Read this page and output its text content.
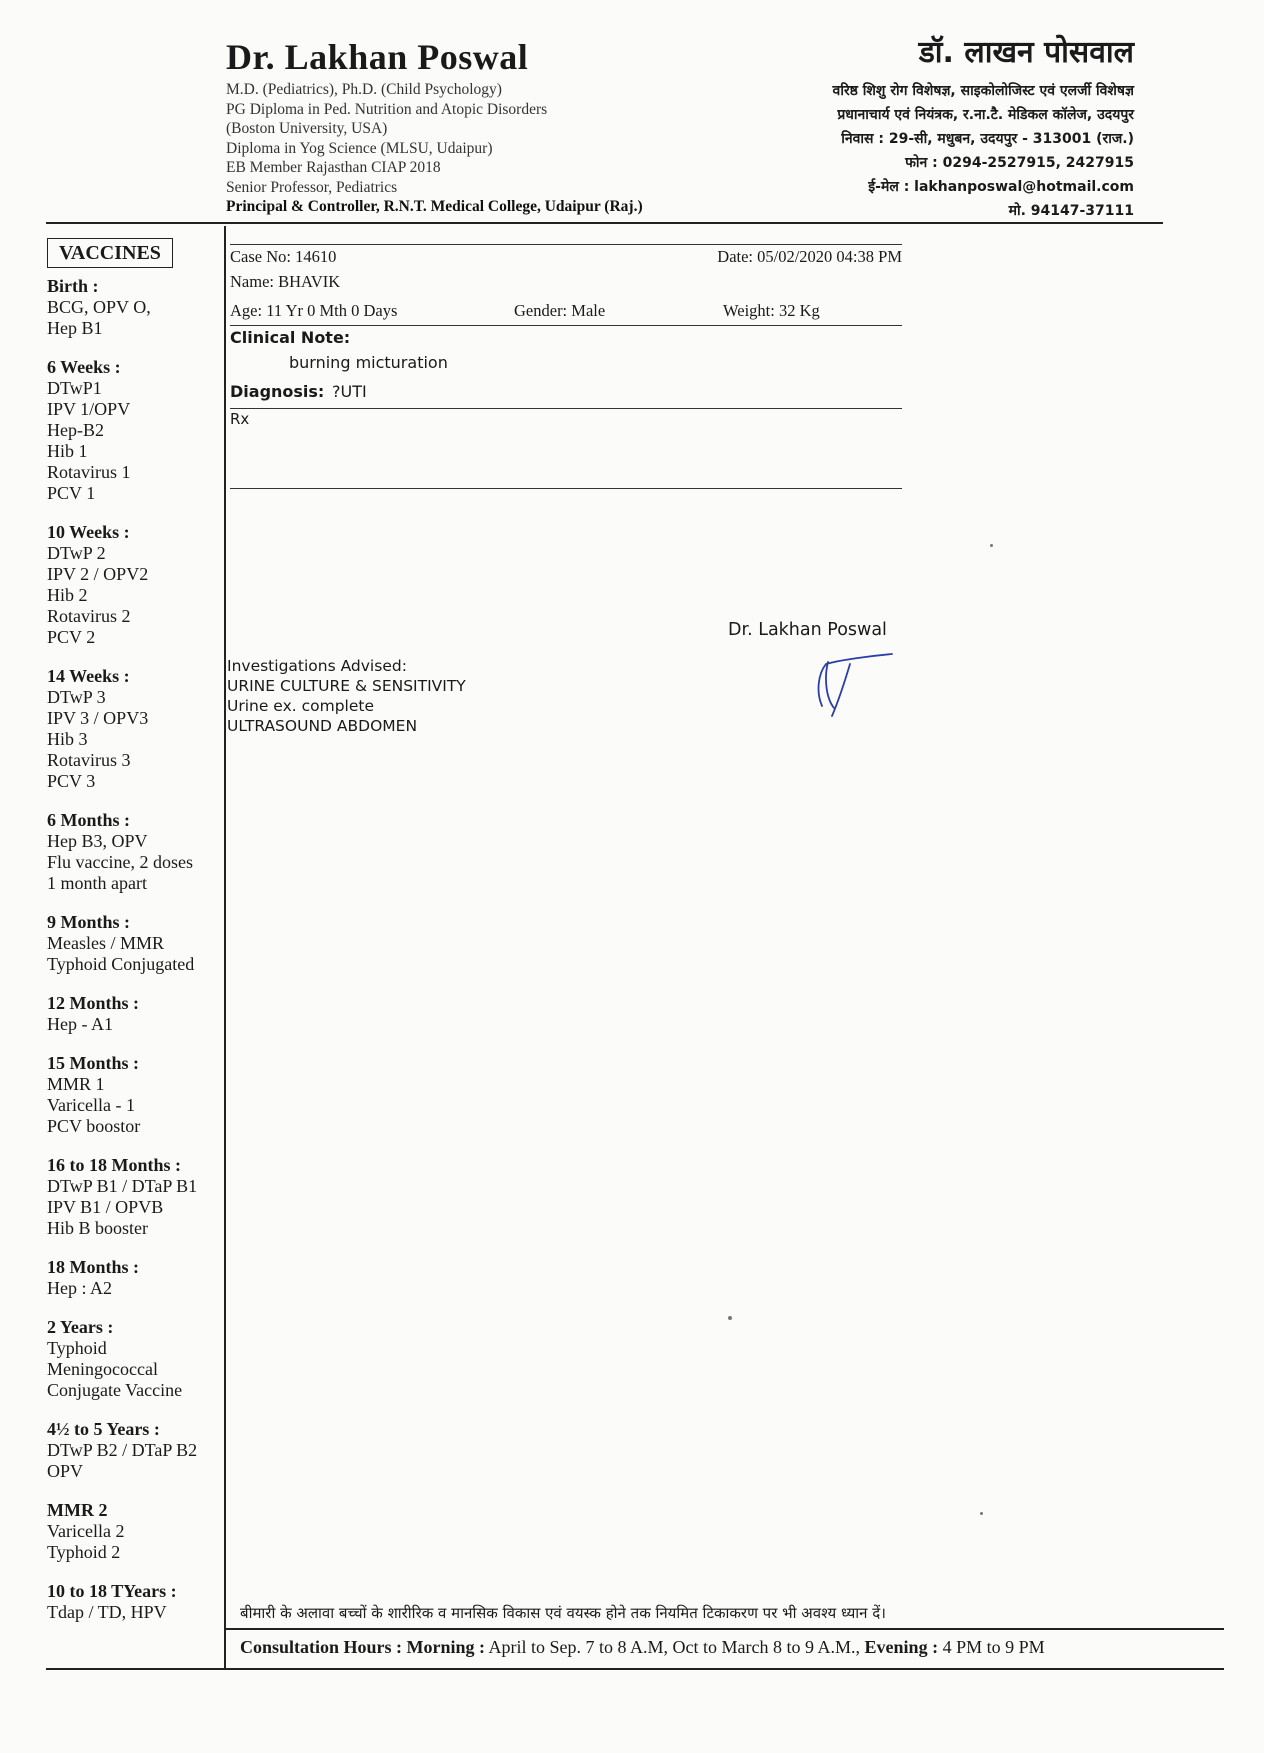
Dr. Lakhan Poswal
M.D. (Pediatrics), Ph.D. (Child Psychology)
PG Diploma in Ped. Nutrition and Atopic Disorders
(Boston University, USA)
Diploma in Yog Science (MLSU, Udaipur)
EB Member Rajasthan CIAP 2018
Senior Professor, Pediatrics
Principal & Controller, R.N.T. Medical College, Udaipur (Raj.)
डॉ. लाखन पोसवाल
वरिष्ठ शिशु रोग विशेषज्ञ, साइकोलोजिस्ट एवं एलर्जी विशेषज्ञ
प्रधानाचार्य एवं नियंत्रक, र.ना.टै. मेडिकल कॉलेज, उदयपुर
निवास : 29-सी, मधुबन, उदयपुर - 313001 (राज.)
फोन : 0294-2527915, 2427915
ई-मेल : lakhanposwal@hotmail.com
मो. 94147-37111
VACCINES
Birth :
BCG, OPV O,
Hep B1
6 Weeks :
DTwP1
IPV 1/OPV
Hep-B2
Hib 1
Rotavirus 1
PCV 1
10 Weeks :
DTwP 2
IPV 2 / OPV2
Hib 2
Rotavirus 2
PCV 2
14 Weeks :
DTwP 3
IPV 3 / OPV3
Hib 3
Rotavirus 3
PCV 3
6 Months :
Hep B3, OPV
Flu vaccine, 2 doses
1 month apart
9 Months :
Measles / MMR
Typhoid Conjugated
12 Months :
Hep - A1
15 Months :
MMR 1
Varicella - 1
PCV boostor
16 to 18 Months :
DTwP B1 / DTaP B1
IPV B1 / OPVB
Hib B booster
18 Months :
Hep : A2
2 Years :
Typhoid
Meningococcal
Conjugate Vaccine
4½ to 5 Years :
DTwP B2 / DTaP B2
OPV
MMR 2
Varicella 2
Typhoid 2
10 to 18 TYears :
Tdap / TD, HPV
Case No: 14610	Date: 05/02/2020 04:38 PM
Name: BHAVIK
Age: 11 Yr 0 Mth 0 Days	Gender: Male	Weight: 32 Kg
Clinical Note:
burning micturation
Diagnosis: ?UTI
Rx
Dr. Lakhan Poswal
Investigations Advised:
URINE CULTURE & SENSITIVITY
Urine ex. complete
ULTRASOUND ABDOMEN
बीमारी के अलावा बच्चों के शारीरिक व मानसिक विकास एवं वयस्क होने तक नियमित टिकाकरण पर भी अवश्य ध्यान दें।
Consultation Hours : Morning : April to Sep. 7 to 8 A.M, Oct to March 8 to 9 A.M., Evening : 4 PM to 9 PM
